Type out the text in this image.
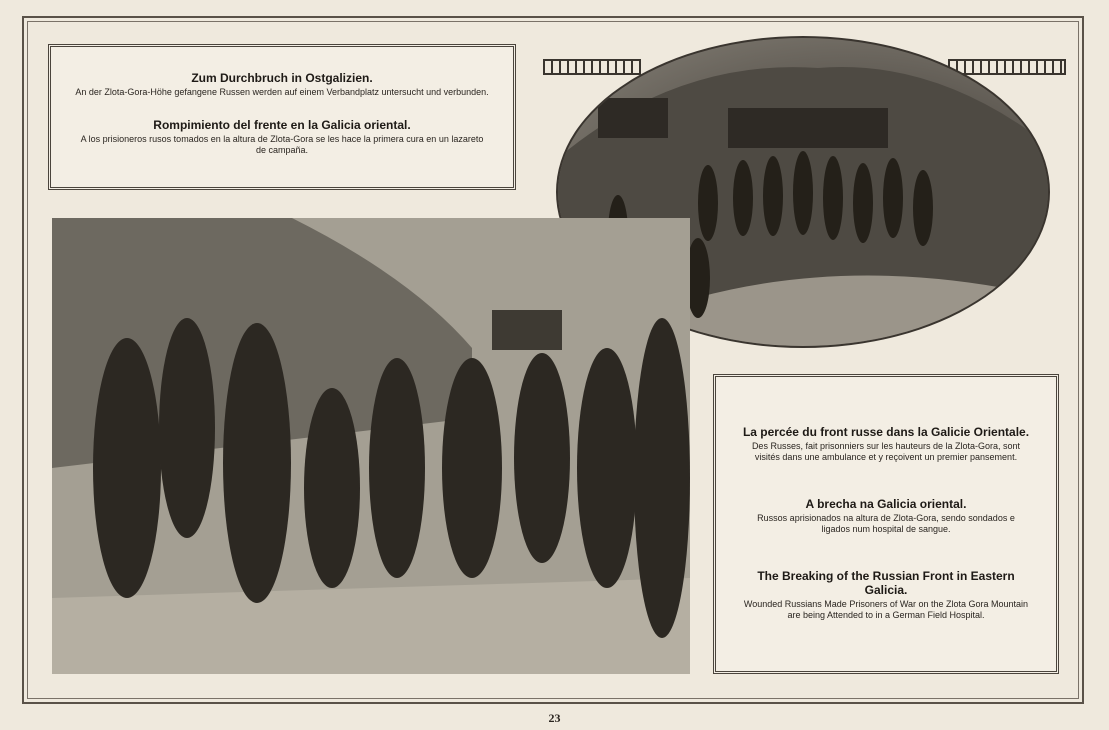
Zum Durchbruch in Ostgalizien.

An der Zlota-Gora-Höhe gefangene Russen werden auf einem Verbandplatz untersucht und verbunden.

Rompimiento del frente en la Galicia oriental.

A los prisioneros rusos tomados en la altura de Zlota-Gora se les hace la primera cura en un lazareto de campaña.

La percée du front russe dans la Galicie Orientale.

Des Russes, fait prisonniers sur les hauteurs de la Zlota-Gora, sont visités dans une ambulance et y reçoivent un premier pansement.

A brecha na Galicia oriental.

Russos aprisionados na altura de Zlota-Gora, sendo sondados e ligados num hospital de sangue.

The Breaking of the Russian Front in Eastern Galicia.

Wounded Russians Made Prisoners of War on the Zlota Gora Mountain are being Attended to in a German Field Hospital.

23
